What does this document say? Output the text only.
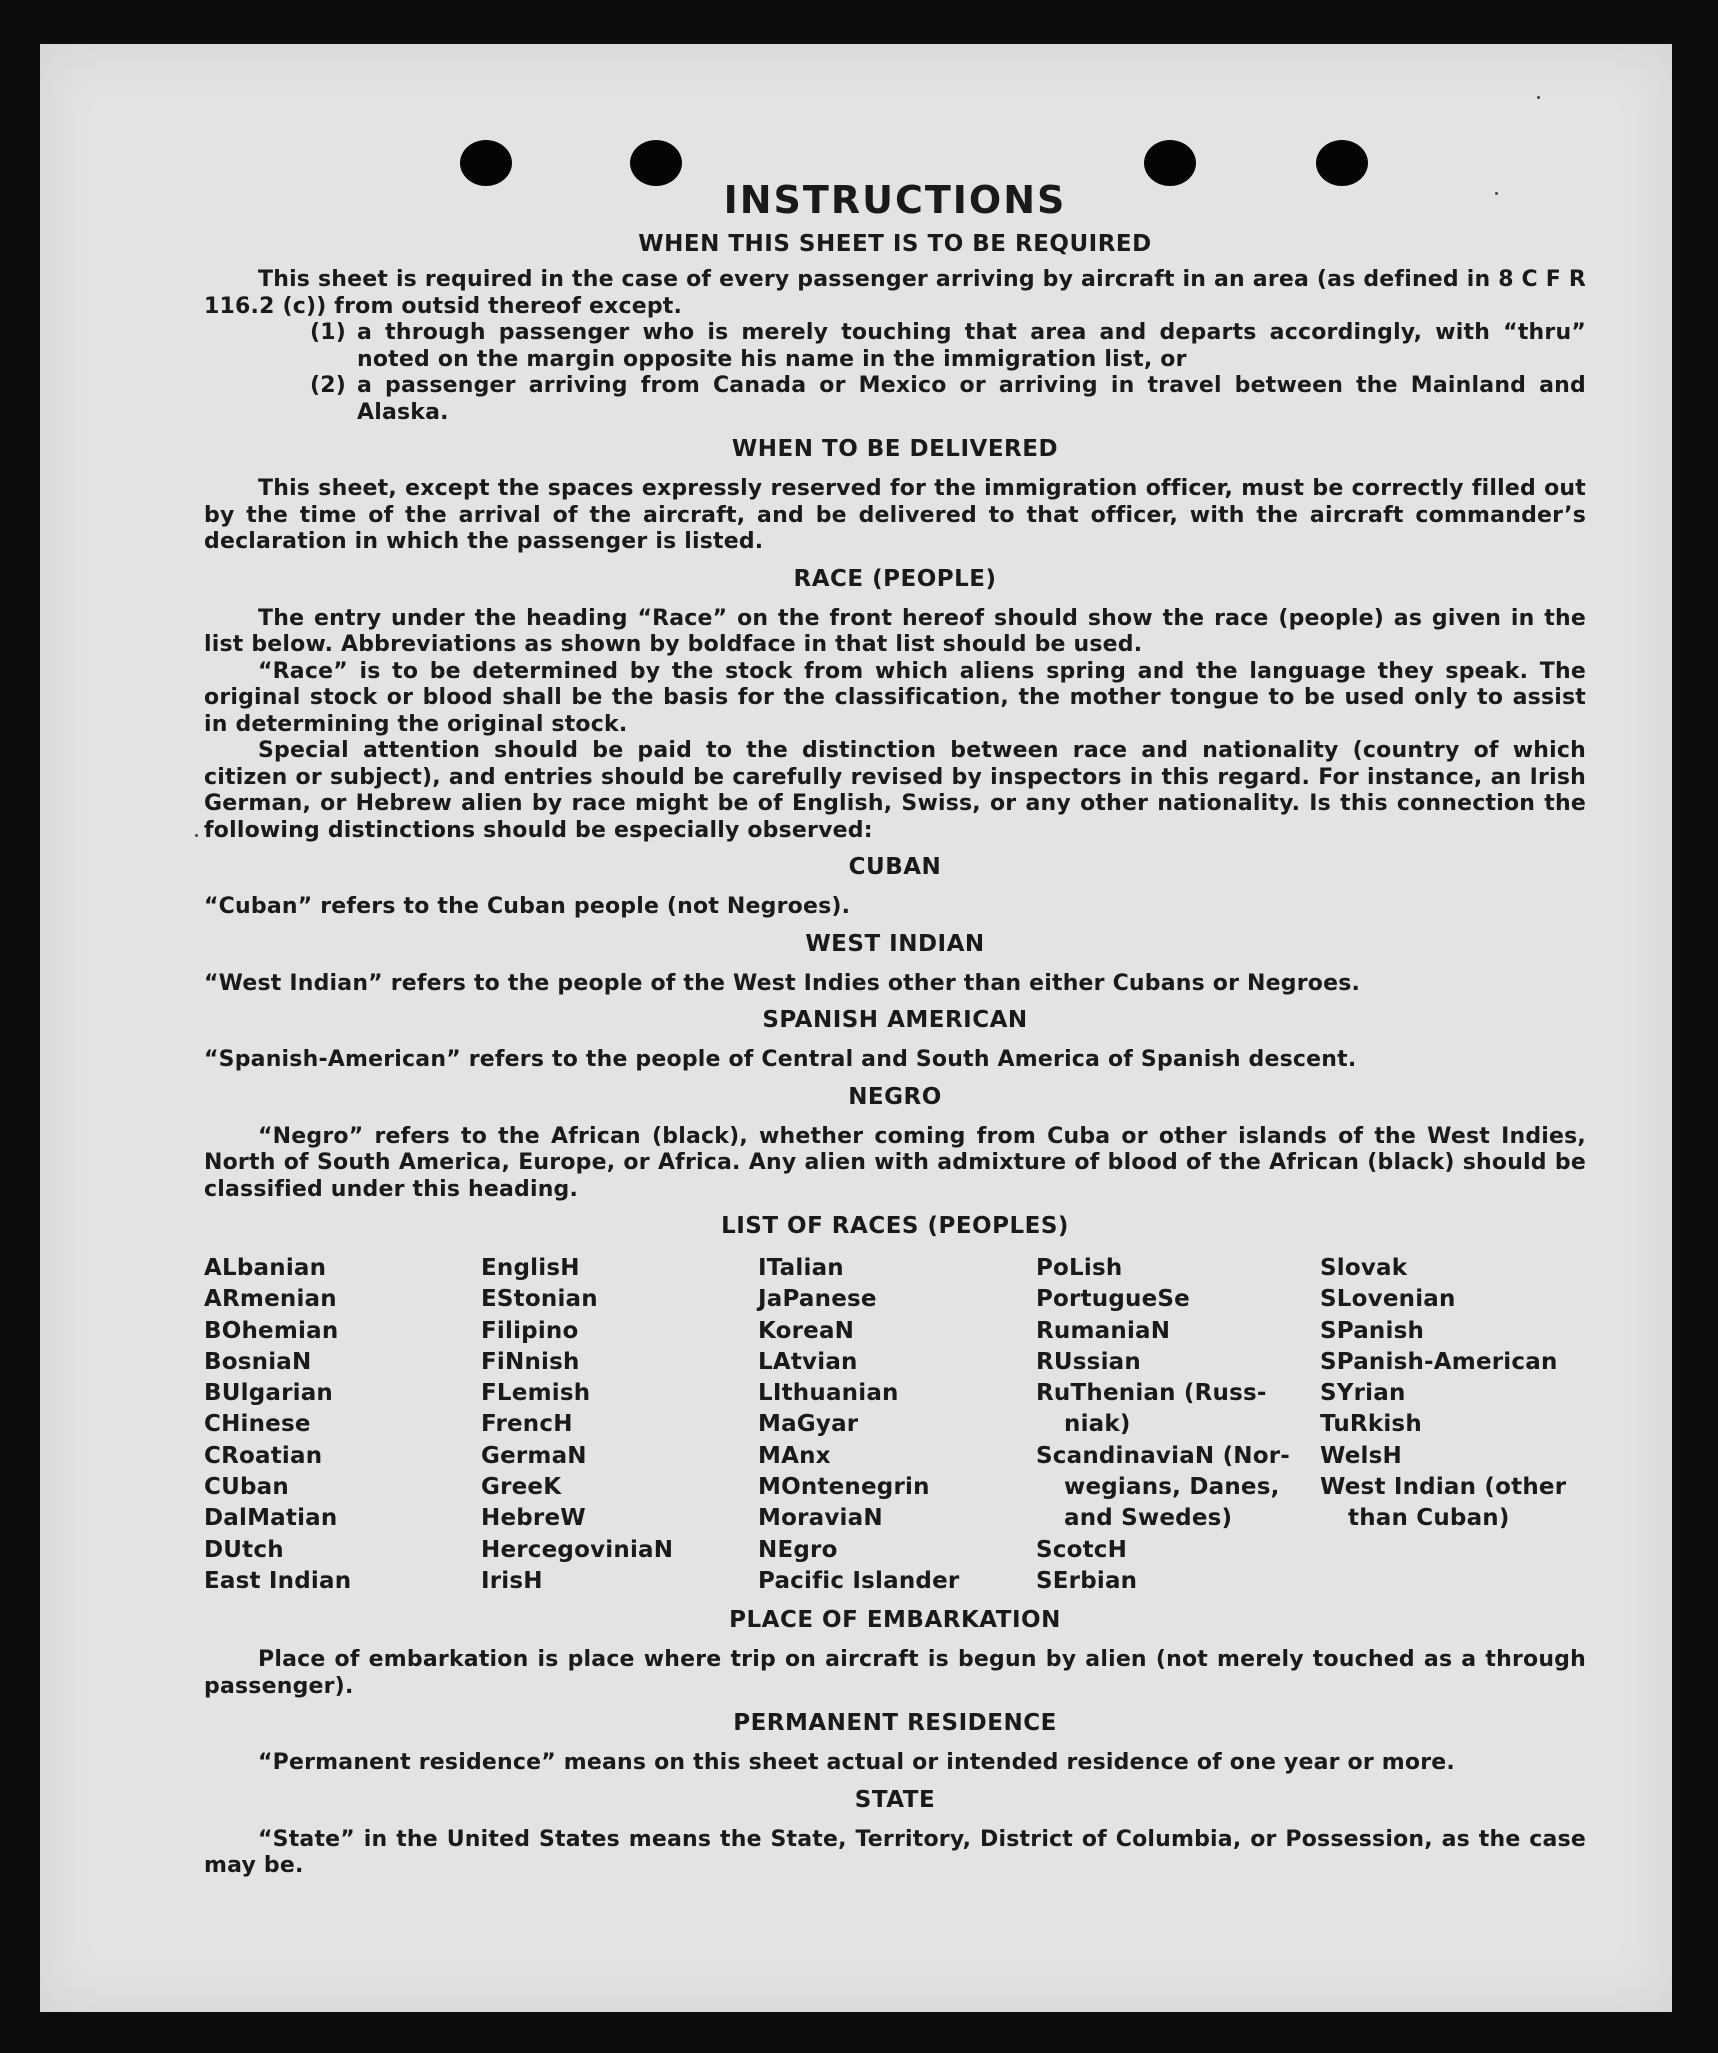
INSTRUCTIONS
WHEN THIS SHEET IS TO BE REQUIRED

This sheet is required in the case of every passenger arriving by aircraft in an area (as defined in 8 C F R 116.2 (c)) from outsid thereof except.

(1) a through passenger who is merely touching that area and departs accordingly, with “thru” noted on the margin opposite his name in the immigration list, or
(2) a passenger arriving from Canada or Mexico or arriving in travel between the Mainland and Alaska.
WHEN TO BE DELIVERED

This sheet, except the spaces expressly reserved for the immigration officer, must be correctly filled out by the time of the arrival of the aircraft, and be delivered to that officer, with the aircraft commander’s declaration in which the passenger is listed.

RACE (PEOPLE)

The entry under the heading “Race” on the front hereof should show the race (people) as given in the list below. Abbreviations as shown by boldface in that list should be used.

“Race” is to be determined by the stock from which aliens spring and the language they speak. The original stock or blood shall be the basis for the classification, the mother tongue to be used only to assist in determining the original stock.

Special attention should be paid to the distinction between race and nationality (country of which citizen or subject), and entries should be carefully revised by inspectors in this regard. For instance, an Irish German, or Hebrew alien by race might be of English, Swiss, or any other nationality. Is this connection the following distinctions should be especially observed:

CUBAN

“Cuban” refers to the Cuban people (not Negroes).

WEST INDIAN

“West Indian” refers to the people of the West Indies other than either Cubans or Negroes.

SPANISH AMERICAN

“Spanish-American” refers to the people of Central and South America of Spanish descent.

NEGRO

“Negro” refers to the African (black), whether coming from Cuba or other islands of the West Indies, North of South America, Europe, or Africa. Any alien with admixture of blood of the African (black) should be classified under this heading.

LIST OF RACES (PEOPLES)
ALbanian
ARmenian
BOhemian
BosniaN
BUlgarian
CHinese
CRoatian
CUban
DalMatian
DUtch
East Indian
EnglisH
EStonian
Filipino
FiNnish
FLemish
FrencH
GermaN
GreeK
HebreW
HercegoviniaN
IrisH
ITalian
JaPanese
KoreaN
LAtvian
LIthuanian
MaGyar
MAnx
MOntenegrin
MoraviaN
NEgro
Pacific Islander
PoLish
PortugueSe
RumaniaN
RUssian
RuThenian (Russ-
niak)
ScandinaviaN (Nor-
wegians, Danes,
and Swedes)
ScotcH
SErbian
Slovak
SLovenian
SPanish
SPanish-American
SYrian
TuRkish
WelsH
West Indian (other
than Cuban)
PLACE OF EMBARKATION

Place of embarkation is place where trip on aircraft is begun by alien (not merely touched as a through passenger).

PERMANENT RESIDENCE

“Permanent residence” means on this sheet actual or intended residence of one year or more.

STATE

“State” in the United States means the State, Territory, District of Columbia, or Possession, as the case may be.
